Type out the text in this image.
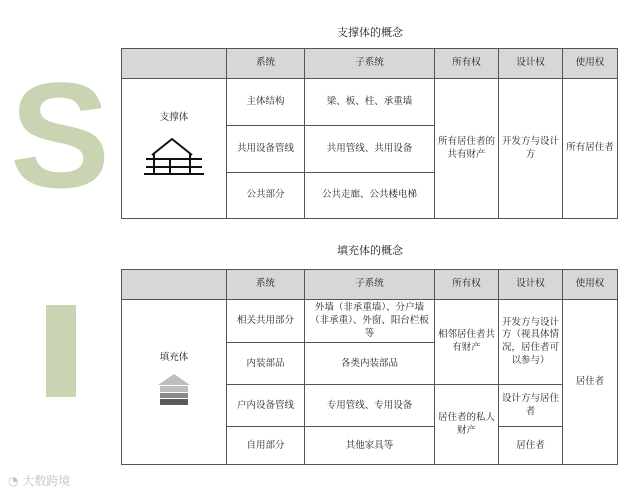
S
支撑体的概念
	系统	子系统	所有权	设计权	使用权

支撑体	主体结构	梁、板、柱、承重墙	所有居住者的共有财产	开发方与设计方	所有居住者
	共用设备管线	共用管线、共用设备			
	公共部分	公共走廊、公共楼电梯			
填充体的概念
	系统	子系统	所有权	设计权	使用权

填充体	相关共用部分	外墙（非承重墙）、分户墙（非承重）、外窗、阳台栏板等	相邻居住者共有财产	开发方与设计方（视具体情况，居住者可以参与）	居住者
	内装部品	各类内装部品			
	户内设备管线	专用管线、专用设备	居住者的私人财产	设计方与居住者	
	自用部分	其他家具等		居住者	
◔ 大数跨境
